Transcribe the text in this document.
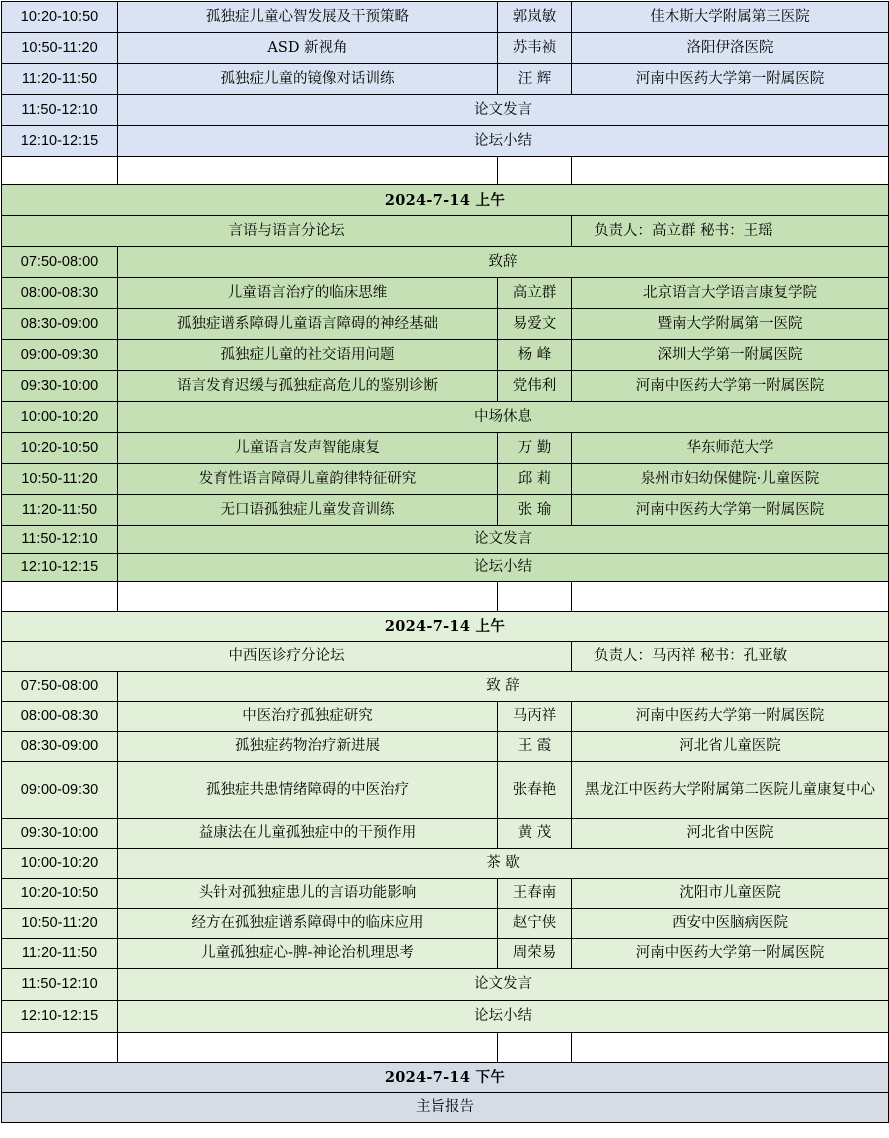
10:20-10:50	孤独症儿童心智发展及干预策略	郭岚敏	佳木斯大学附属第三医院
10:50-11:20	ASD 新视角	苏韦祯	洛阳伊洛医院
11:20-11:50	孤独症儿童的镜像对话训练	汪 辉	河南中医药大学第一附属医院
11:50-12:10	论文发言		
12:10-12:15	论坛小结		

2024-7-14 上午			
言语与语言分论坛			负责人：高立群 秘书：王瑶
07:50-08:00	致辞		
08:00-08:30	儿童语言治疗的临床思维	高立群	北京语言大学语言康复学院
08:30-09:00	孤独症谱系障碍儿童语言障碍的神经基础	易爱文	暨南大学附属第一医院
09:00-09:30	孤独症儿童的社交语用问题	杨 峰	深圳大学第一附属医院
09:30-10:00	语言发育迟缓与孤独症高危儿的鉴别诊断	党伟利	河南中医药大学第一附属医院
10:00-10:20	中场休息		
10:20-10:50	儿童语言发声智能康复	万 勤	华东师范大学
10:50-11:20	发育性语言障碍儿童韵律特征研究	邱 莉	泉州市妇幼保健院·儿童医院
11:20-11:50	无口语孤独症儿童发音训练	张 瑜	河南中医药大学第一附属医院
11:50-12:10	论文发言		
12:10-12:15	论坛小结		

2024-7-14 上午			
中西医诊疗分论坛			负责人：马丙祥 秘书：孔亚敏
07:50-08:00	致 辞		
08:00-08:30	中医治疗孤独症研究	马丙祥	河南中医药大学第一附属医院
08:30-09:00	孤独症药物治疗新进展	王 霞	河北省儿童医院
09:00-09:30	孤独症共患情绪障碍的中医治疗	张春艳	黑龙江中医药大学附属第二医院儿童康复中心
09:30-10:00	益康法在儿童孤独症中的干预作用	黄 茂	河北省中医院
10:00-10:20	茶 歇		
10:20-10:50	头针对孤独症患儿的言语功能影响	王春南	沈阳市儿童医院
10:50-11:20	经方在孤独症谱系障碍中的临床应用	赵宁侠	西安中医脑病医院
11:20-11:50	儿童孤独症心-脾-神论治机理思考	周荣易	河南中医药大学第一附属医院
11:50-12:10	论文发言		
12:10-12:15	论坛小结		

2024-7-14 下午			
主旨报告			
